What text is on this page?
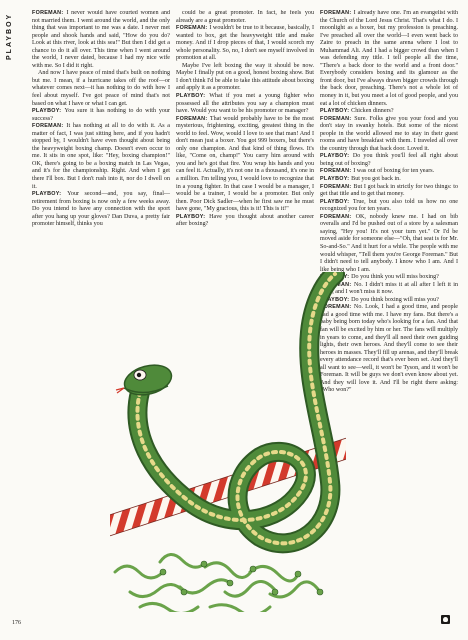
PLAYBOY	FOREMAN: I never would have courted women and not married them. I went around the world, and the only thing that was important to me was a date. I never met people and shook hands and said, "How do you do? Look at this river, look at this sea!" But then I did get a chance to do it all over. This time when I went around the world, I never dated, because I had my nice wife with me. So I did it right.

And now I have peace of mind that's built on nothing but me. I mean, if a hurricane takes off the roof—or whatever comes next—it has nothing to do with how I feel about myself. I've got peace of mind that's not based on what I have or what I can get.

PLAYBOY: You sure it has nothing to do with your success?

FOREMAN: It has nothing at all to do with it. As a matter of fact, I was just sitting here, and if you hadn't stopped by, I wouldn't have even thought about being the heavyweight boxing champ. Doesn't even occur to me. It sits in one spot, like: "Hey, boxing champion!" OK, there's going to be a boxing match in Las Vegas, and it's for the championship. Right. And when I get there I'll box. But I don't rush into it, nor do I dwell on it.

PLAYBOY: Your second—and, you say, final—retirement from boxing is now only a few weeks away. Do you intend to have any connection with the sport after you hang up your gloves? Dan Duva, a pretty fair promoter himself, thinks you

could be a great promoter. In fact, he feels you already are a great promoter.

FOREMAN: I wouldn't be true to it because, basically, I wanted to box, get the heavyweight title and make money. And if I drop pieces of that, I would scorch my whole personality. So, no, I don't see myself involved in promotion at all.

Maybe I've left boxing the way it should be now. Maybe I finally put on a good, honest boxing show. But I don't think I'd be able to take this attitude about boxing and apply it as a promoter.

PLAYBOY: What if you met a young fighter who possessed all the attributes you say a champion must have. Would you want to be his promoter or manager?

FOREMAN: That would probably have to be the most mysterious, frightening, exciting, greatest thing in the world to feel. Wow, would I love to see that man! And I don't mean just a boxer. You got 999 boxers, but there's only one champion. And that kind of thing flows. It's like, "Come on, champ!" You carry him around with you and he's got that fire. You wrap his hands and you can feel it. Actually, it's not one in a thousand, it's one in a million. I'm telling you, I would love to recognize that in a young fighter. In that case I would be a manager, I would be a trainer, I would be a promoter. But only then. Poor Dick Sadler—when he first saw me he must have gone, "My gracious, this is it! This is it!"

PLAYBOY: Have you thought about another career after boxing?

FOREMAN: I already have one. I'm an evangelist with the Church of the Lord Jesus Christ. That's what I do. I moonlight as a boxer, but my profession is preaching. I've preached all over the world—I even went back to Zaire to preach in the same arena where I lost to Muhammad Ali. And I had a bigger crowd than when I was defending my title. I tell people all the time, "There's a back door to the world and a front door." Everybody considers boxing and its glamour as the front door, but I've always drawn bigger crowds through the back door, preaching. There's not a whole lot of money in it, but you meet a lot of good people, and you eat a lot of chicken dinners.

PLAYBOY: Chicken dinners?

FOREMAN: Sure. Folks give you your food and you don't stay in swanky hotels. But some of the nicest people in the world allowed me to stay in their guest rooms and have breakfast with them. I traveled all over the country through that back door. Loved it.

PLAYBOY: Do you think you'll feel all right about being out of boxing?

FOREMAN: I was out of boxing for ten years.

PLAYBOY: But you got back in.

FOREMAN: But I got back in strictly for two things: to get that title and to get that money.

PLAYBOY: True, but you also told us how no one recognized you for ten years.

FOREMAN: OK, nobody knew me. I had on bib overalls and I'd be pushed out of a store by a salesman saying, "Hey you! It's not your turn yet." Or I'd be moved aside for someone else—"Oh, that seat is for Mr. So-and-So." And it hurt for a while. The people with me would whisper, "Tell them you're George Foreman." But I didn't need to tell anybody. I know who I am. And I like being who I am.

PLAYBOY: Do you think you will miss boxing?

FOREMAN: No. I didn't miss it at all after I left it in 1977, and I won't miss it now.

PLAYBOY: Do you think boxing will miss you?

FOREMAN: No. Look, I had a good time, and people had a good time with me. I have my fans. But there's a baby being born today who's looking for a fan. And that fan will be excited by him or her. The fans will multiply in years to come, and they'll all need their own guiding lights, their own heroes. And they'll come to see their heroes in masses. They'll fill up arenas, and they'll break every attendance record that's ever been set. And they'll all want to see—well, it won't be Tyson, and it won't be Foreman. It will be guys we don't even know about yet. And they will love it. And I'll be right there asking: "Who won?"

176
